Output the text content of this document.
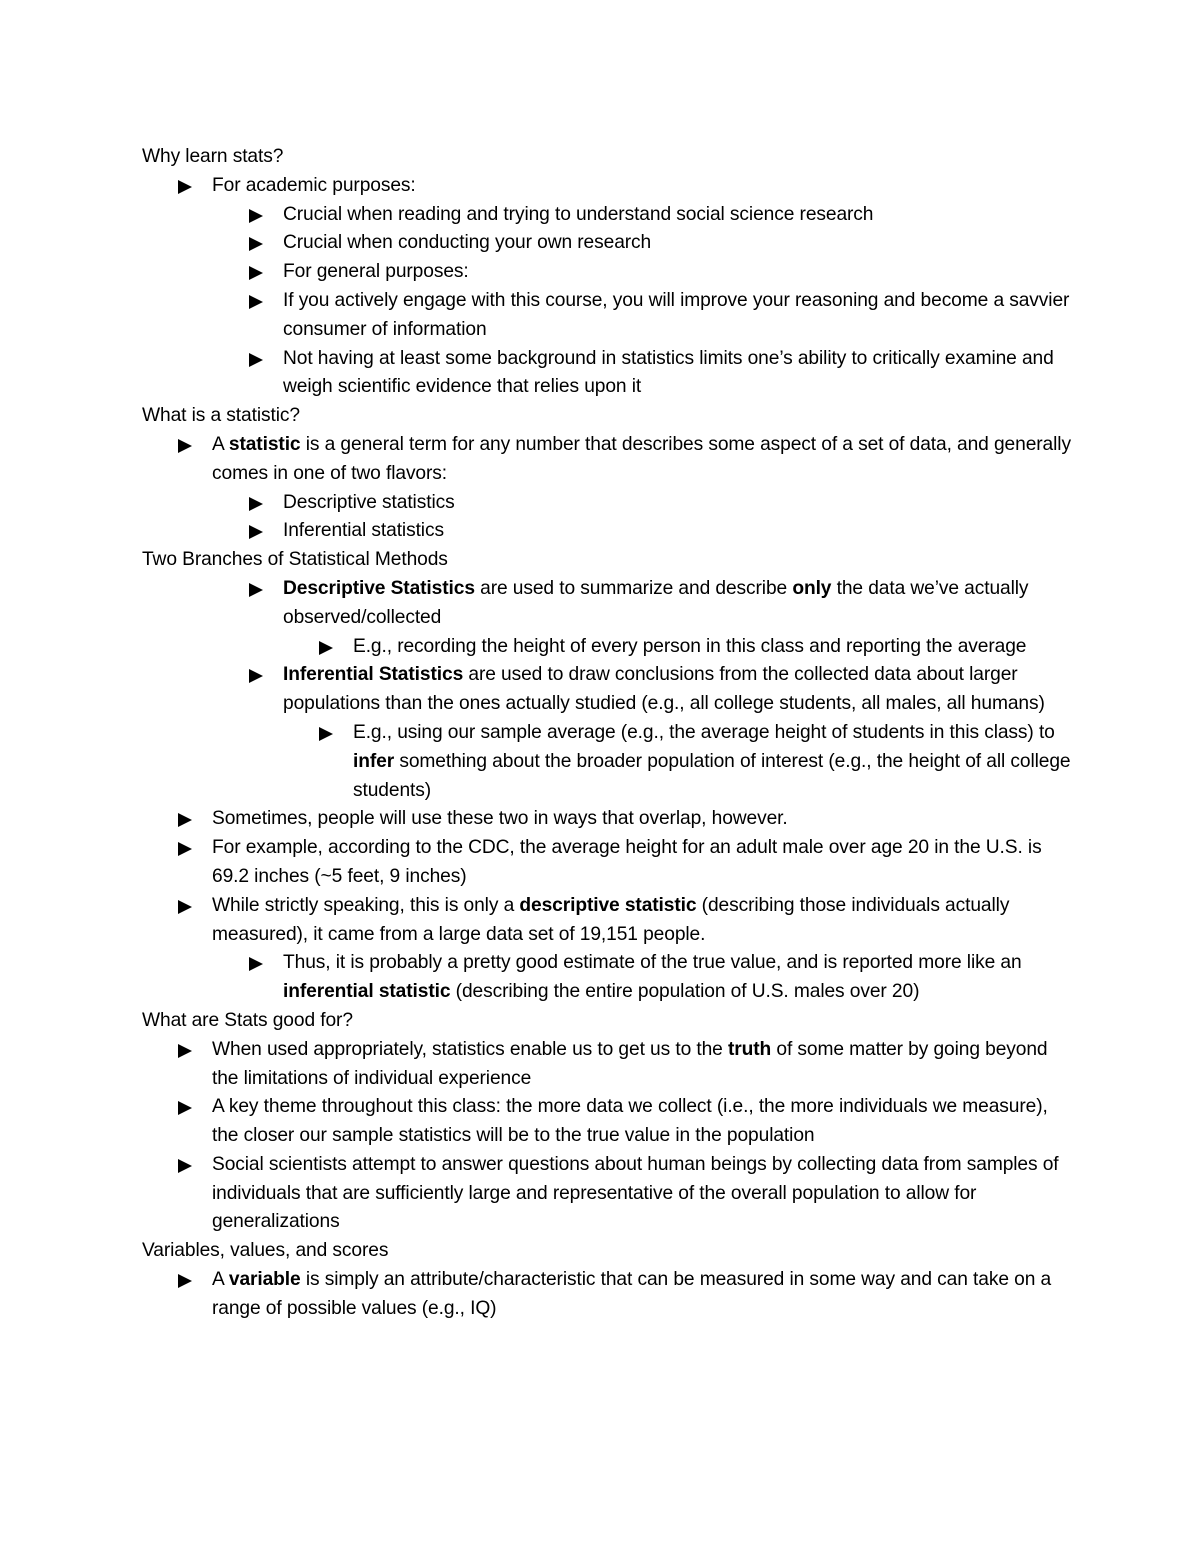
Why learn stats?

For academic purposes:

Crucial when reading and trying to understand social science research

Crucial when conducting your own research

For general purposes:

If you actively engage with this course, you will improve your reasoning and become a savvier consumer of information

Not having at least some background in statistics limits one’s ability to critically examine and weigh scientific evidence that relies upon it

What is a statistic?

A statistic is a general term for any number that describes some aspect of a set of data, and generally comes in one of two flavors:

Descriptive statistics

Inferential statistics

Two Branches of Statistical Methods

Descriptive Statistics are used to summarize and describe only the data we’ve actually observed/collected

E.g., recording the height of every person in this class and reporting the average

Inferential Statistics are used to draw conclusions from the collected data about larger populations than the ones actually studied (e.g., all college students, all males, all humans)

E.g., using our sample average (e.g., the average height of students in this class) to infer something about the broader population of interest (e.g., the height of all college students)

Sometimes, people will use these two in ways that overlap, however.

For example, according to the CDC, the average height for an adult male over age 20 in the U.S. is 69.2 inches (~5 feet, 9 inches)

While strictly speaking, this is only a descriptive statistic (describing those individuals actually measured), it came from a large data set of 19,151 people.

Thus, it is probably a pretty good estimate of the true value, and is reported more like an inferential statistic (describing the entire population of U.S. males over 20)

What are Stats good for?

When used appropriately, statistics enable us to get us to the truth of some matter by going beyond the limitations of individual experience

A key theme throughout this class: the more data we collect (i.e., the more individuals we measure), the closer our sample statistics will be to the true value in the population

Social scientists attempt to answer questions about human beings by collecting data from samples of individuals that are sufficiently large and representative of the overall population to allow for generalizations

Variables, values, and scores

A variable is simply an attribute/characteristic that can be measured in some way and can take on a range of possible values (e.g., IQ)
